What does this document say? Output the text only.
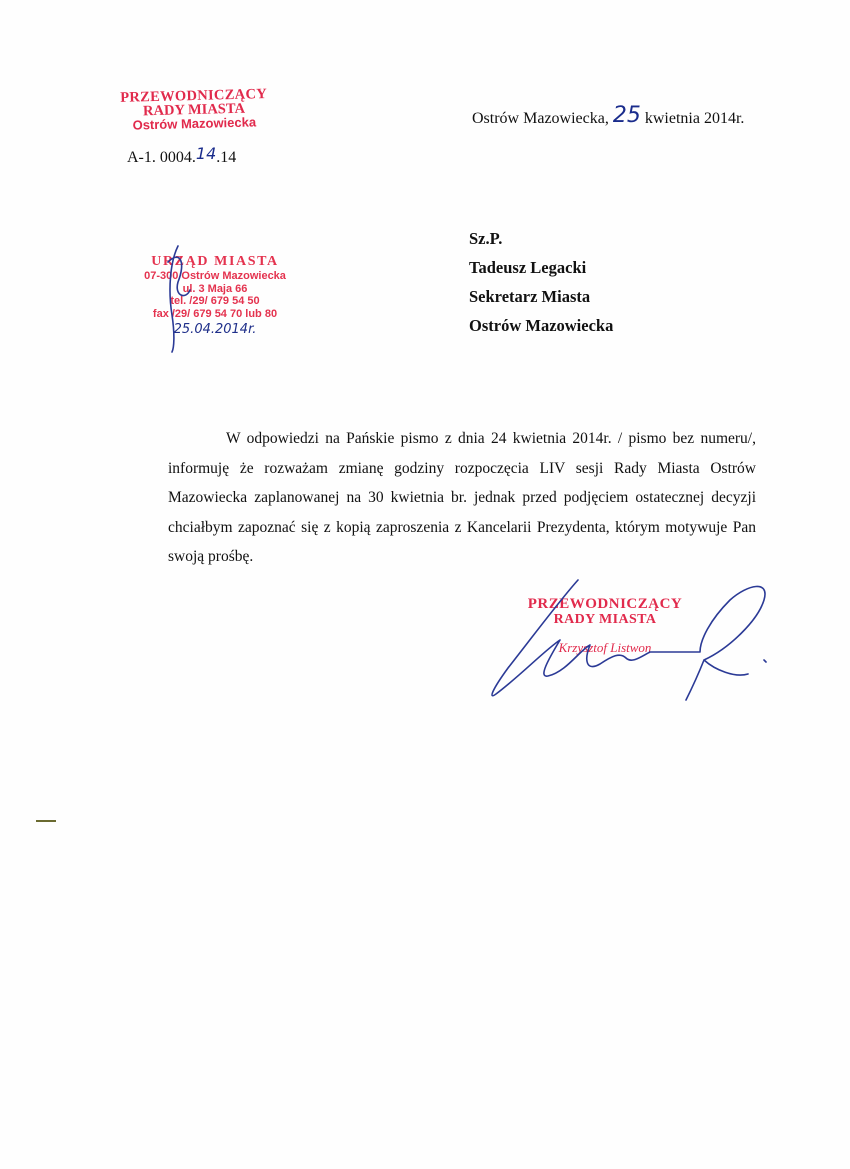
PRZEWODNICZĄCY
RADY MIASTA
Ostrów Mazowiecka
A-1. 0004.14.14
Ostrów Mazowiecka, 25 kwietnia 2014r.
URZĄD MIASTA
07-300 Ostrów Mazowiecka
ul. 3 Maja 66
tel. /29/ 679 54 50
fax /29/ 679 54 70 lub 80
25.04.2014r.
Sz.P.
Tadeusz Legacki
Sekretarz Miasta
Ostrów Mazowiecka
W odpowiedzi na Pańskie pismo z dnia 24 kwietnia 2014r. / pismo bez numeru/, informuję że rozważam zmianę godziny rozpoczęcia LIV sesji Rady Miasta Ostrów Mazowiecka zaplanowanej na 30 kwietnia br. jednak przed podjęciem ostatecznej decyzji chciałbym zapoznać się z kopią zaproszenia z Kancelarii Prezydenta, którym motywuje Pan swoją prośbę.
PRZEWODNICZĄCY
RADY MIASTA
Krzysztof Listwon
